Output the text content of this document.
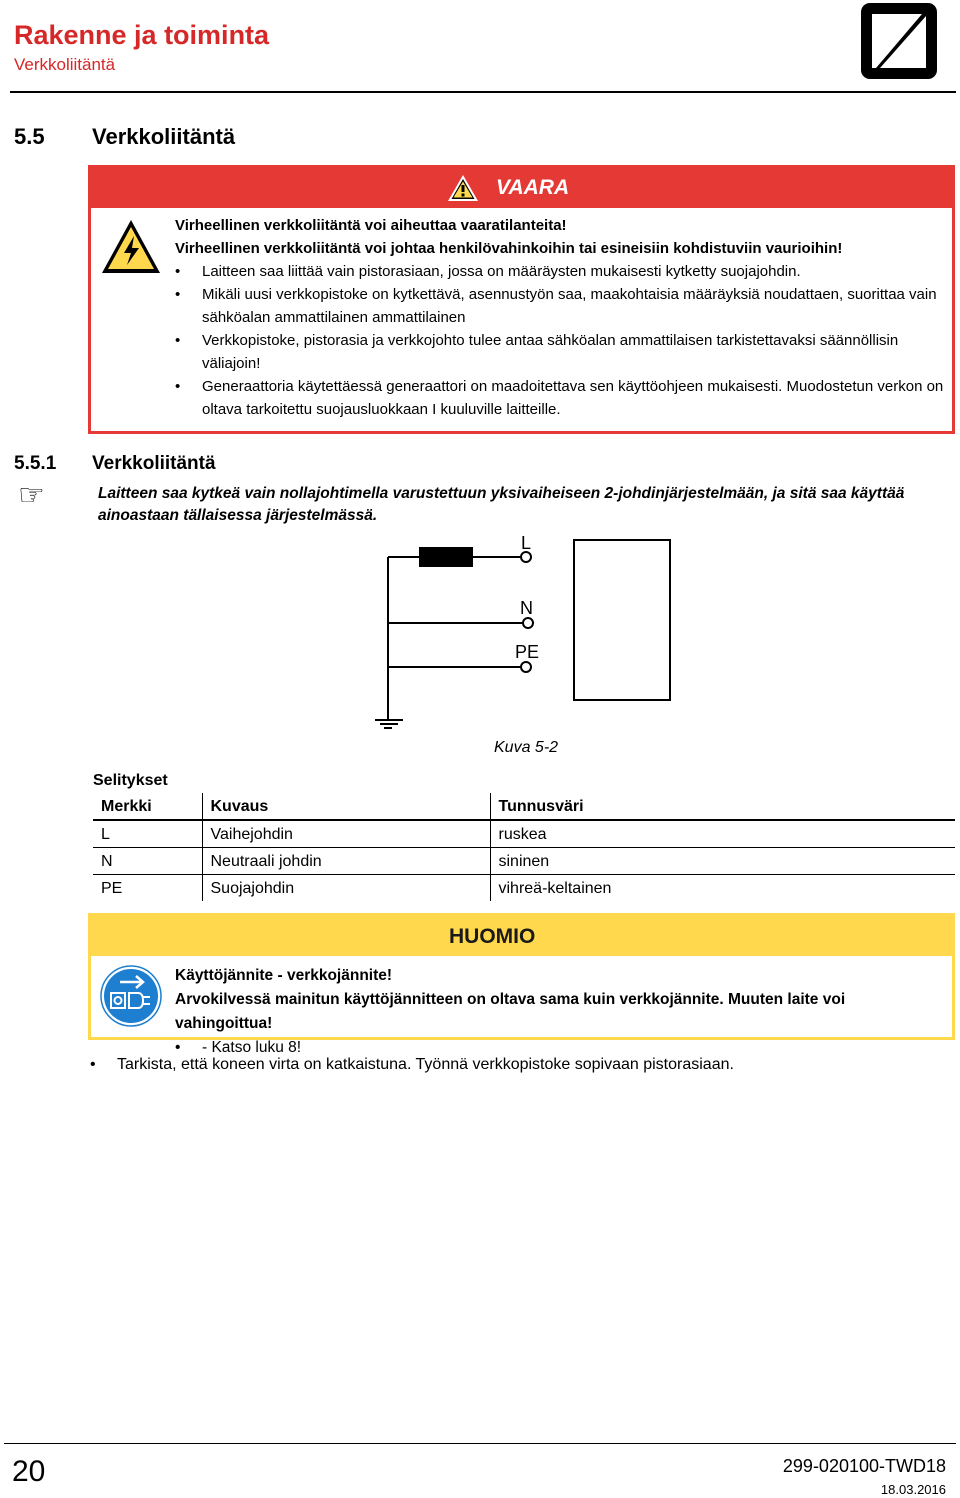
Rakenne ja toiminta
Verkkoliitäntä
5.5 Verkkoliitäntä
VAARA
Virheellinen verkkoliitäntä voi aiheuttaa vaaratilanteita!
Virheellinen verkkoliitäntä voi johtaa henkilövahinkoihin tai esineisiin kohdistuviin vaurioihin!
• Laitteen saa liittää vain pistorasiaan, jossa on määräysten mukaisesti kytketty suojajohdin.
• Mikäli uusi verkkopistoke on kytkettävä, asennustyön saa, maakohtaisia määräyksiä noudattaen, suorittaa vain sähköalan ammattilainen ammattilainen
• Verkkopistoke, pistorasia ja verkkojohto tulee antaa sähköalan ammattilaisen tarkistettavaksi säännöllisin väliajoin!
• Generaattoria käytettäessä generaattori on maadoitettava sen käyttöohjeen mukaisesti. Muodostetun verkon on oltava tarkoitettu suojausluokkaan I kuuluville laitteille.
5.5.1 Verkkoliitäntä
☞	Laitteen saa kytkeä vain nollajohtimella varustettuun yksivaiheiseen 2-johdinjärjestelmään, ja sitä saa käyttää ainoastaan tällaisessa järjestelmässä.
L
N
PE
Kuva 5-2
Selitykset
Merkki	Kuvaus	Tunnusväri
L	Vaihejohdin	ruskea
N	Neutraali johdin	sininen
PE	Suojajohdin	vihreä-keltainen
HUOMIO
Käyttöjännite - verkkojännite!
Arvokilvessä mainitun käyttöjännitteen on oltava sama kuin verkkojännite. Muuten laite voi vahingoittua!
• - Katso luku 8!
• Tarkista, että koneen virta on katkaistuna. Työnnä verkkopistoke sopivaan pistorasiaan.
20	299-020100-TWD18
18.03.2016
